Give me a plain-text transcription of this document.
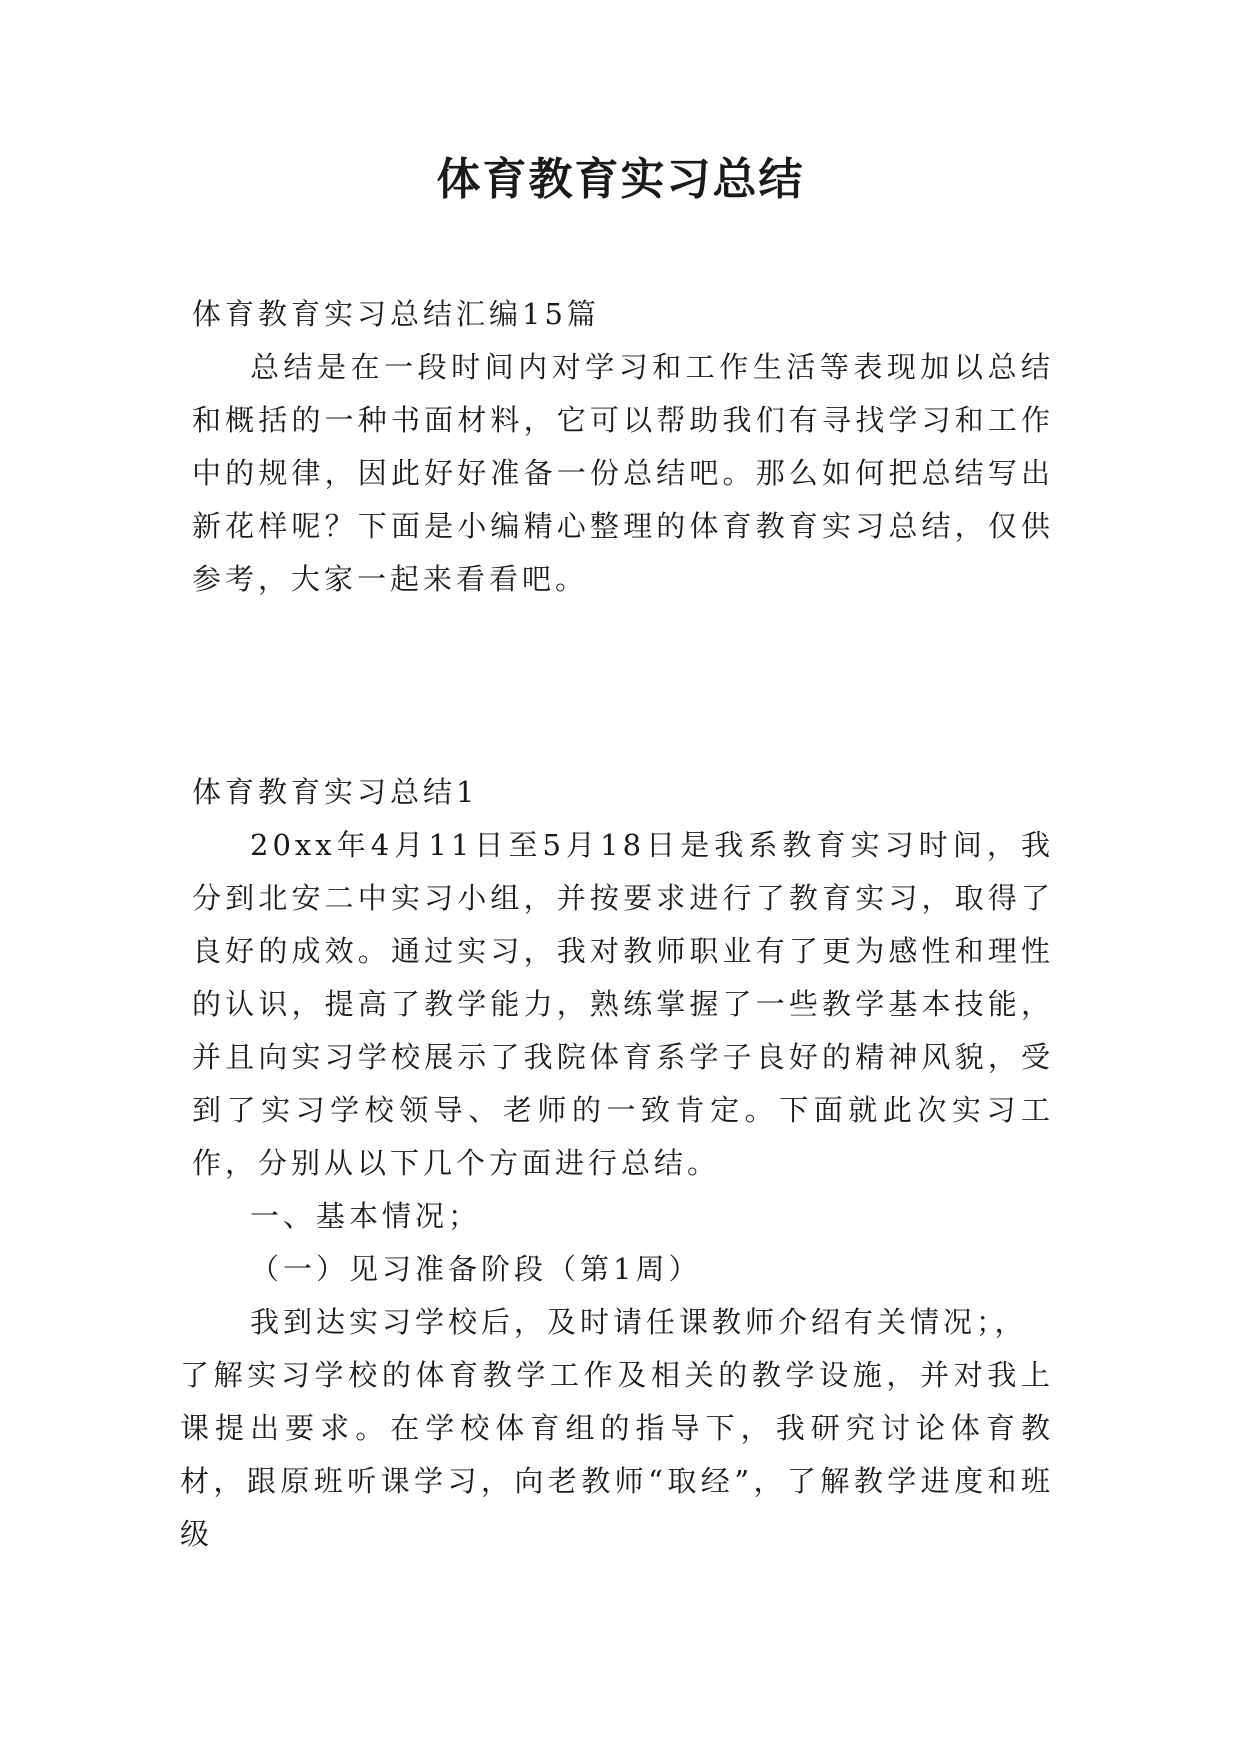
体育教育实习总结

体育教育实习总结汇编15篇

总结是在一段时间内对学习和工作生活等表现加以总结和概括的一种书面材料，它可以帮助我们有寻找学习和工作中的规律，因此好好准备一份总结吧。那么如何把总结写出新花样呢？下面是小编精心整理的体育教育实习总结，仅供参考，大家一起来看看吧。

体育教育实习总结1

20xx年4月11日至5月18日是我系教育实习时间，我分到北安二中实习小组，并按要求进行了教育实习，取得了良好的成效。通过实习，我对教师职业有了更为感性和理性的认识，提高了教学能力，熟练掌握了一些教学基本技能，并且向实习学校展示了我院体育系学子良好的精神风貌，受到了实习学校领导、老师的一致肯定。下面就此次实习工作，分别从以下几个方面进行总结。

一、基本情况；

（一）见习准备阶段（第1周）

我到达实习学校后，及时请任课教师介绍有关情况；，

了解实习学校的体育教学工作及相关的教学设施，并对我上课提出要求。在学校体育组的指导下，我研究讨论体育教材，跟原班听课学习，向老教师“取经”，了解教学进度和班级
